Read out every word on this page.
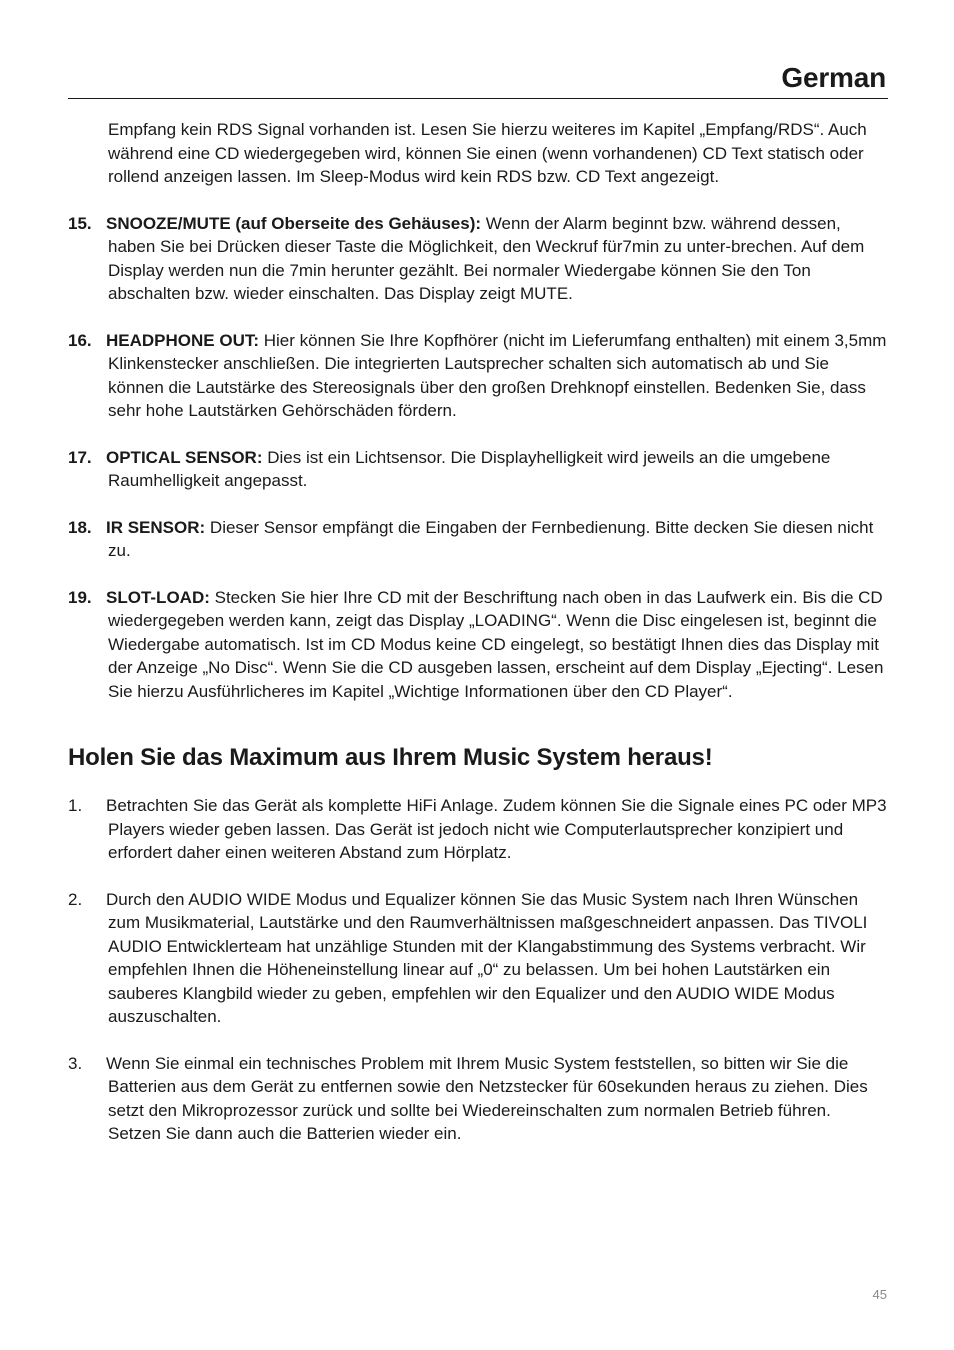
German

Empfang kein RDS Signal vorhanden ist. Lesen Sie hierzu weiteres im Kapitel „Empfang/RDS“. Auch während eine CD wiedergegeben wird, können Sie einen (wenn vorhandenen) CD Text statisch oder rollend anzeigen lassen. Im Sleep-Modus wird kein RDS bzw. CD Text angezeigt.

15. SNOOZE/MUTE (auf Oberseite des Gehäuses): Wenn der Alarm beginnt bzw. während dessen, haben Sie bei Drücken dieser Taste die Möglichkeit, den Weckruf für7min zu unter-brechen. Auf dem Display werden nun die 7min herunter gezählt. Bei normaler Wiedergabe können Sie den Ton abschalten bzw. wieder einschalten. Das Display zeigt MUTE.
16. HEADPHONE OUT: Hier können Sie Ihre Kopfhörer (nicht im Lieferumfang enthalten) mit einem 3,5mm Klinkenstecker anschließen. Die integrierten Lautsprecher schalten sich automatisch ab und Sie können die Lautstärke des Stereosignals über den großen Drehknopf einstellen. Bedenken Sie, dass sehr hohe Lautstärken Gehörschäden fördern.
17. OPTICAL SENSOR: Dies ist ein Lichtsensor. Die Displayhelligkeit wird jeweils an die umgebene Raumhelligkeit angepasst.
18. IR SENSOR: Dieser Sensor empfängt die Eingaben der Fernbedienung. Bitte decken Sie diesen nicht zu.
19. SLOT-LOAD: Stecken Sie hier Ihre CD mit der Beschriftung nach oben in das Laufwerk ein. Bis die CD wiedergegeben werden kann, zeigt das Display „LOADING“. Wenn die Disc eingelesen ist, beginnt die Wiedergabe automatisch. Ist im CD Modus keine CD eingelegt, so bestätigt Ihnen dies das Display mit der Anzeige „No Disc“. Wenn Sie die CD ausgeben lassen, erscheint auf dem Display „Ejecting“. Lesen Sie hierzu Ausführlicheres im Kapitel „Wichtige Informationen über den CD Player“.
Holen Sie das Maximum aus Ihrem Music System heraus!
1. Betrachten Sie das Gerät als komplette HiFi Anlage. Zudem können Sie die Signale eines PC oder MP3 Players wieder geben lassen. Das Gerät ist jedoch nicht wie Computerlautsprecher konzipiert und erfordert daher einen weiteren Abstand zum Hörplatz.
2. Durch den AUDIO WIDE Modus und Equalizer können Sie das Music System nach Ihren Wünschen zum Musikmaterial, Lautstärke und den Raumverhältnissen maßgeschneidert anpassen. Das TIVOLI AUDIO Entwicklerteam hat unzählige Stunden mit der Klangabstimmung des Systems verbracht. Wir empfehlen Ihnen die Höheneinstellung linear auf „0“ zu belassen. Um bei hohen Lautstärken ein sauberes Klangbild wieder zu geben, empfehlen wir den Equalizer und den AUDIO WIDE Modus auszuschalten.
3. Wenn Sie einmal ein technisches Problem mit Ihrem Music System feststellen, so bitten wir Sie die Batterien aus dem Gerät zu entfernen sowie den Netzstecker für 60sekunden heraus zu ziehen. Dies setzt den Mikroprozessor zurück und sollte bei Wiedereinschalten zum normalen Betrieb führen. Setzen Sie dann auch die Batterien wieder ein.
45
